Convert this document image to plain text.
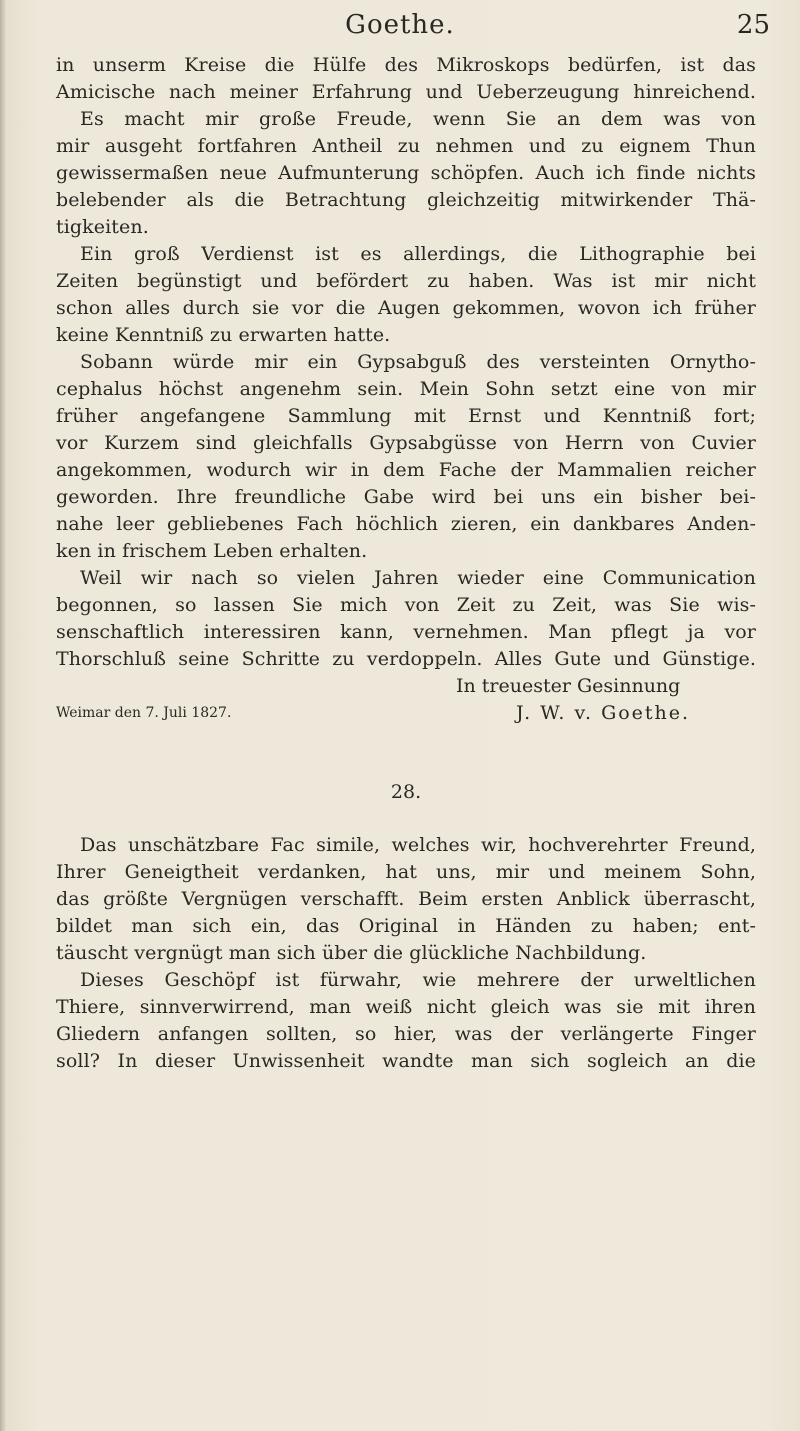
Goethe.	25
in unserm Kreise die Hülfe des Mikroskops bedürfen, ist das
Amicische nach meiner Erfahrung und Ueberzeugung hinreichend.
Es macht mir große Freude, wenn Sie an dem was von
mir ausgeht fortfahren Antheil zu nehmen und zu eignem Thun
gewissermaßen neue Aufmunterung schöpfen. Auch ich finde nichts
belebender als die Betrachtung gleichzeitig mitwirkender Thä-
tigkeiten.
Ein groß Verdienst ist es allerdings, die Lithographie bei
Zeiten begünstigt und befördert zu haben. Was ist mir nicht
schon alles durch sie vor die Augen gekommen, wovon ich früher
keine Kenntniß zu erwarten hatte.
Sobann würde mir ein Gypsabguß des versteinten Ornytho-
cephalus höchst angenehm sein. Mein Sohn setzt eine von mir
früher angefangene Sammlung mit Ernst und Kenntniß fort;
vor Kurzem sind gleichfalls Gypsabgüsse von Herrn von Cuvier
angekommen, wodurch wir in dem Fache der Mammalien reicher
geworden. Ihre freundliche Gabe wird bei uns ein bisher bei-
nahe leer gebliebenes Fach höchlich zieren, ein dankbares Anden-
ken in frischem Leben erhalten.
Weil wir nach so vielen Jahren wieder eine Communication
begonnen, so lassen Sie mich von Zeit zu Zeit, was Sie wis-
senschaftlich interessiren kann, vernehmen. Man pflegt ja vor
Thorschluß seine Schritte zu verdoppeln. Alles Gute und Günstige.
In treuester Gesinnung
Weimar den 7. Juli 1827.	J. W. v. Goethe.
28.
Das unschätzbare Fac simile, welches wir, hochverehrter Freund,
Ihrer Geneigtheit verdanken, hat uns, mir und meinem Sohn,
das größte Vergnügen verschafft. Beim ersten Anblick überrascht,
bildet man sich ein, das Original in Händen zu haben; ent-
täuscht vergnügt man sich über die glückliche Nachbildung.
Dieses Geschöpf ist fürwahr, wie mehrere der urweltlichen
Thiere, sinnverwirrend, man weiß nicht gleich was sie mit ihren
Gliedern anfangen sollten, so hier, was der verlängerte Finger
soll? In dieser Unwissenheit wandte man sich sogleich an die
